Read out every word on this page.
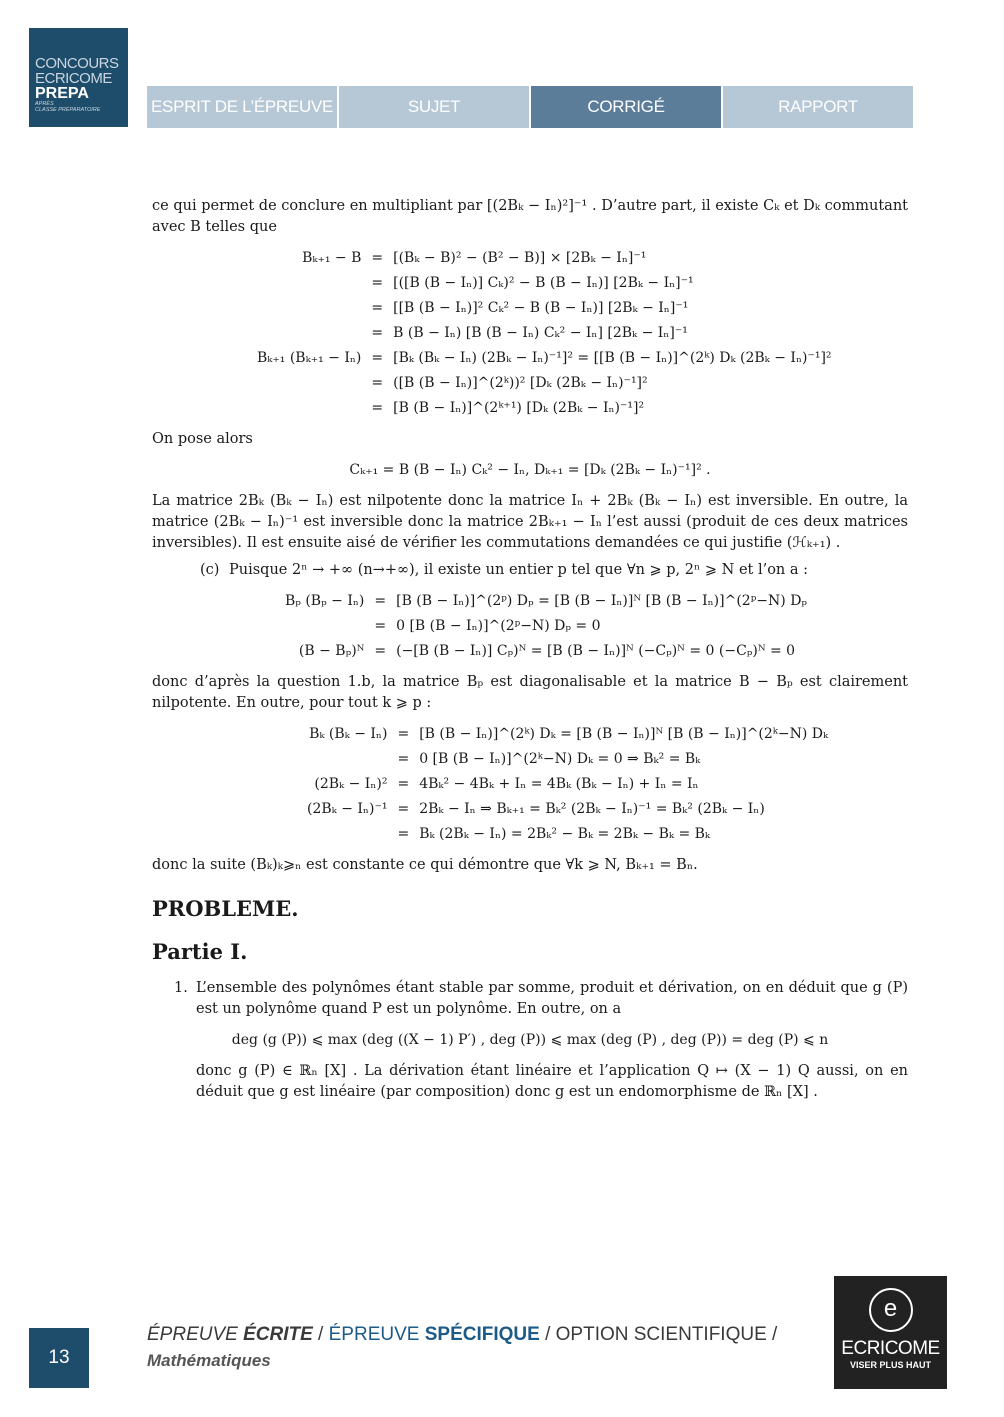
CONCOURS
ECRICOME
PREPA
APRÈS
CLASSE PRÉPARATOIRE	ESPRIT DE L’ÉPREUVE	SUJET	CORRIGÉ	RAPPORT

ce qui permet de conclure en multipliant par [(2Bₖ − Iₙ)²]⁻¹ . D’autre part, il existe Cₖ et Dₖ commutant avec B telles que

Bₖ₊₁ − B	=	[(Bₖ − B)² − (B² − B)] × [2Bₖ − Iₙ]⁻¹
	=	[([B (B − Iₙ)] Cₖ)² − B (B − Iₙ)] [2Bₖ − Iₙ]⁻¹
	=	[[B (B − Iₙ)]² Cₖ² − B (B − Iₙ)] [2Bₖ − Iₙ]⁻¹
	=	B (B − Iₙ) [B (B − Iₙ) Cₖ² − Iₙ] [2Bₖ − Iₙ]⁻¹
Bₖ₊₁ (Bₖ₊₁ − Iₙ)	=	[Bₖ (Bₖ − Iₙ) (2Bₖ − Iₙ)⁻¹]² = [[B (B − Iₙ)]^(2ᵏ) Dₖ (2Bₖ − Iₙ)⁻¹]²
	=	([B (B − Iₙ)]^(2ᵏ))² [Dₖ (2Bₖ − Iₙ)⁻¹]²
	=	[B (B − Iₙ)]^(2ᵏ⁺¹) [Dₖ (2Bₖ − Iₙ)⁻¹]²

On pose alors

Cₖ₊₁ = B (B − Iₙ) Cₖ² − Iₙ, Dₖ₊₁ = [Dₖ (2Bₖ − Iₙ)⁻¹]² .

La matrice 2Bₖ (Bₖ − Iₙ) est nilpotente donc la matrice Iₙ + 2Bₖ (Bₖ − Iₙ) est inversible. En outre, la matrice (2Bₖ − Iₙ)⁻¹ est inversible donc la matrice 2Bₖ₊₁ − Iₙ l’est aussi (produit de ces deux matrices inversibles). Il est ensuite aisé de vérifier les commutations demandées ce qui justifie (ℋₖ₊₁) .

(c) Puisque 2ⁿ → +∞ (n→+∞), il existe un entier p tel que ∀n ⩾ p, 2ⁿ ⩾ N et l’on a :
Bₚ (Bₚ − Iₙ)	=	[B (B − Iₙ)]^(2ᵖ) Dₚ = [B (B − Iₙ)]ᴺ [B (B − Iₙ)]^(2ᵖ−N) Dₚ
	=	0 [B (B − Iₙ)]^(2ᵖ−N) Dₚ = 0
(B − Bₚ)ᴺ	=	(−[B (B − Iₙ)] Cₚ)ᴺ = [B (B − Iₙ)]ᴺ (−Cₚ)ᴺ = 0 (−Cₚ)ᴺ = 0

donc d’après la question 1.b, la matrice Bₚ est diagonalisable et la matrice B − Bₚ est clairement nilpotente. En outre, pour tout k ⩾ p :

Bₖ (Bₖ − Iₙ)	=	[B (B − Iₙ)]^(2ᵏ) Dₖ = [B (B − Iₙ)]ᴺ [B (B − Iₙ)]^(2ᵏ−N) Dₖ
	=	0 [B (B − Iₙ)]^(2ᵏ−N) Dₖ = 0 ⇒ Bₖ² = Bₖ
(2Bₖ − Iₙ)²	=	4Bₖ² − 4Bₖ + Iₙ = 4Bₖ (Bₖ − Iₙ) + Iₙ = Iₙ
(2Bₖ − Iₙ)⁻¹	=	2Bₖ − Iₙ ⇒ Bₖ₊₁ = Bₖ² (2Bₖ − Iₙ)⁻¹ = Bₖ² (2Bₖ − Iₙ)
	=	Bₖ (2Bₖ − Iₙ) = 2Bₖ² − Bₖ = 2Bₖ − Bₖ = Bₖ

donc la suite (Bₖ)ₖ⩾ₙ est constante ce qui démontre que ∀k ⩾ N, Bₖ₊₁ = Bₙ.

PROBLEME.
Partie I.
1. L’ensemble des polynômes étant stable par somme, produit et dérivation, on en déduit que g (P) est un polynôme quand P est un polynôme. En outre, on a
deg (g (P)) ⩽ max (deg ((X − 1) P′) , deg (P)) ⩽ max (deg (P) , deg (P)) = deg (P) ⩽ n

donc g (P) ∈ ℝₙ [X] . La dérivation étant linéaire et l’application Q ↦ (X − 1) Q aussi, on en déduit que g est linéaire (par composition) donc g est un endomorphisme de ℝₙ [X] .

13
ÉPREUVE ÉCRITE / ÉPREUVE SPÉCIFIQUE / OPTION SCIENTIFIQUE /
Mathématiques
e
ECRICOME
VISER PLUS HAUT
